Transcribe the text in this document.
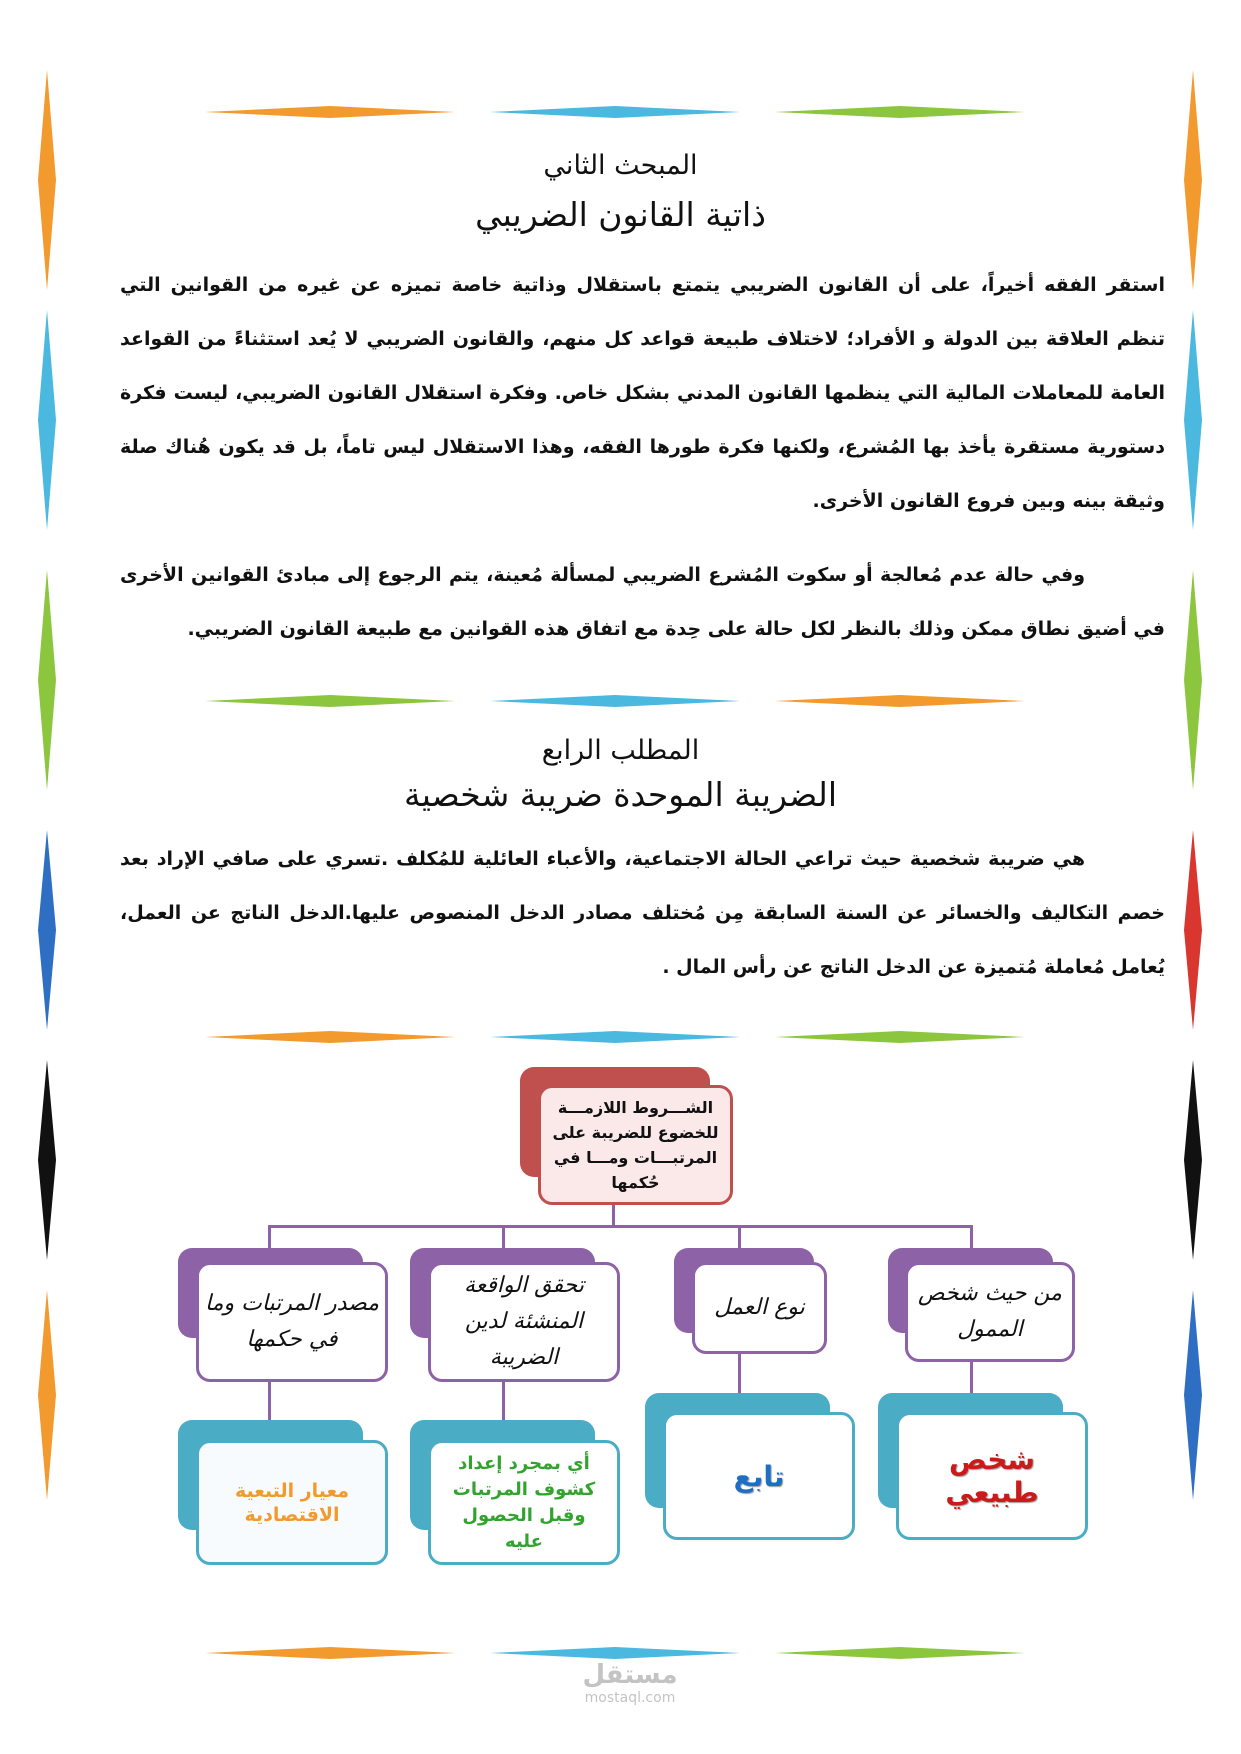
المبحث الثاني
ذاتية القانون الضريبي
استقر الفقه أخيراً، على أن القانون الضريبي يتمتع باستقلال وذاتية خاصة تميزه عن غيره من القوانين التي تنظم العلاقة بين الدولة و الأفراد؛ لاختلاف طبيعة قواعد كل منهم، والقانون الضريبي لا يُعد استثناءً من القواعد العامة للمعاملات المالية التي ينظمها القانون المدني بشكل خاص. وفكرة استقلال القانون الضريبي، ليست فكرة دستورية مستقرة يأخذ بها المُشرع، ولكنها فكرة طورها الفقه، وهذا الاستقلال ليس تاماً، بل قد يكون هُناك صلة وثيقة بينه وبين فروع القانون الأخرى.
وفي حالة عدم مُعالجة أو سكوت المُشرع الضريبي لمسألة مُعينة، يتم الرجوع إلى مبادئ القوانين الأخرى في أضيق نطاق ممكن وذلك بالنظر لكل حالة على حِدة مع اتفاق هذه القوانين مع طبيعة القانون الضريبي.
المطلب الرابع
الضريبة الموحدة ضريبة شخصية
هي ضريبة شخصية حيث تراعي الحالة الاجتماعية، والأعباء العائلية للمُكلف .تسري على صافي الإراد بعد خصم التكاليف والخسائر عن السنة السابقة مِن مُختلف مصادر الدخل المنصوص عليها.الدخل الناتج عن العمل، يُعامل مُعاملة مُتميزة عن الدخل الناتج عن رأس المال .
الشـــروط اللازمـــة للخضوع للضريبة على المرتبـــات ومـــا في حُكمها
من حيث شخص الممول
نوع العمل
تحقق الواقعة المنشئة لدين الضريبة
مصدر المرتبات وما في حكمها
شخص طبيعي
تابع
أي بمجرد إعداد كشوف المرتبات وقبل الحصول عليه
معيار التبعية الاقتصادية
مستقل
mostaql.com
